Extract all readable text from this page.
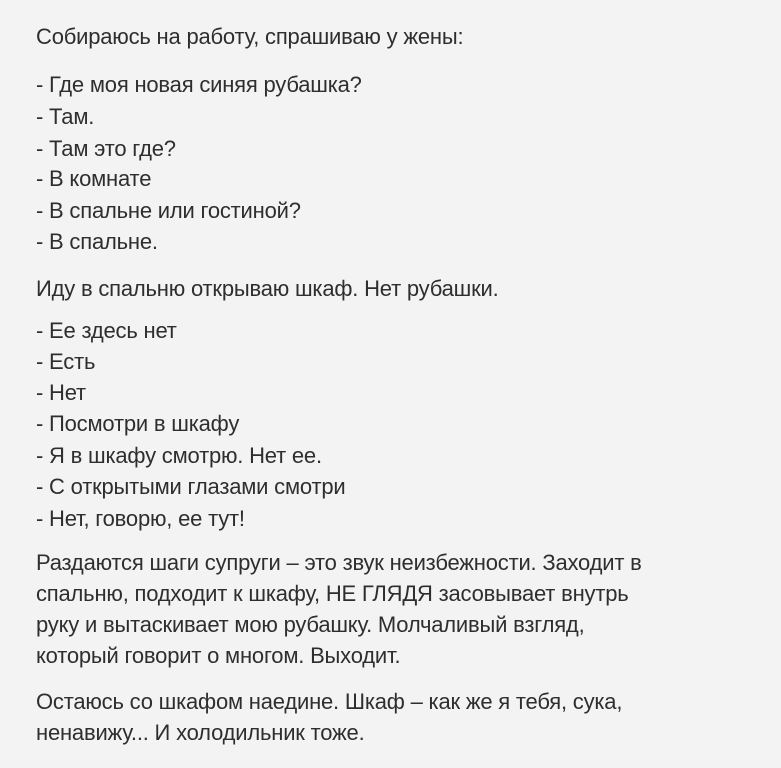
Собираюсь на работу, спрашиваю у жены:
- Где моя новая синяя рубашка?
- Там.
- Там это где?
- В комнате
- В спальне или гостиной?
- В спальне.
Иду в спальню открываю шкаф. Нет рубашки.
- Ее здесь нет
- Есть
- Нет
- Посмотри в шкафу
- Я в шкафу смотрю. Нет ее.
- С открытыми глазами смотри
- Нет, говорю, ее тут!
Раздаются шаги супруги – это звук неизбежности. Заходит в
спальню, подходит к шкафу, НЕ ГЛЯДЯ засовывает внутрь
руку и вытаскивает мою рубашку. Молчаливый взгляд,
который говорит о многом. Выходит.
Остаюсь со шкафом наедине. Шкаф – как же я тебя, сука,
ненавижу... И холодильник тоже.
